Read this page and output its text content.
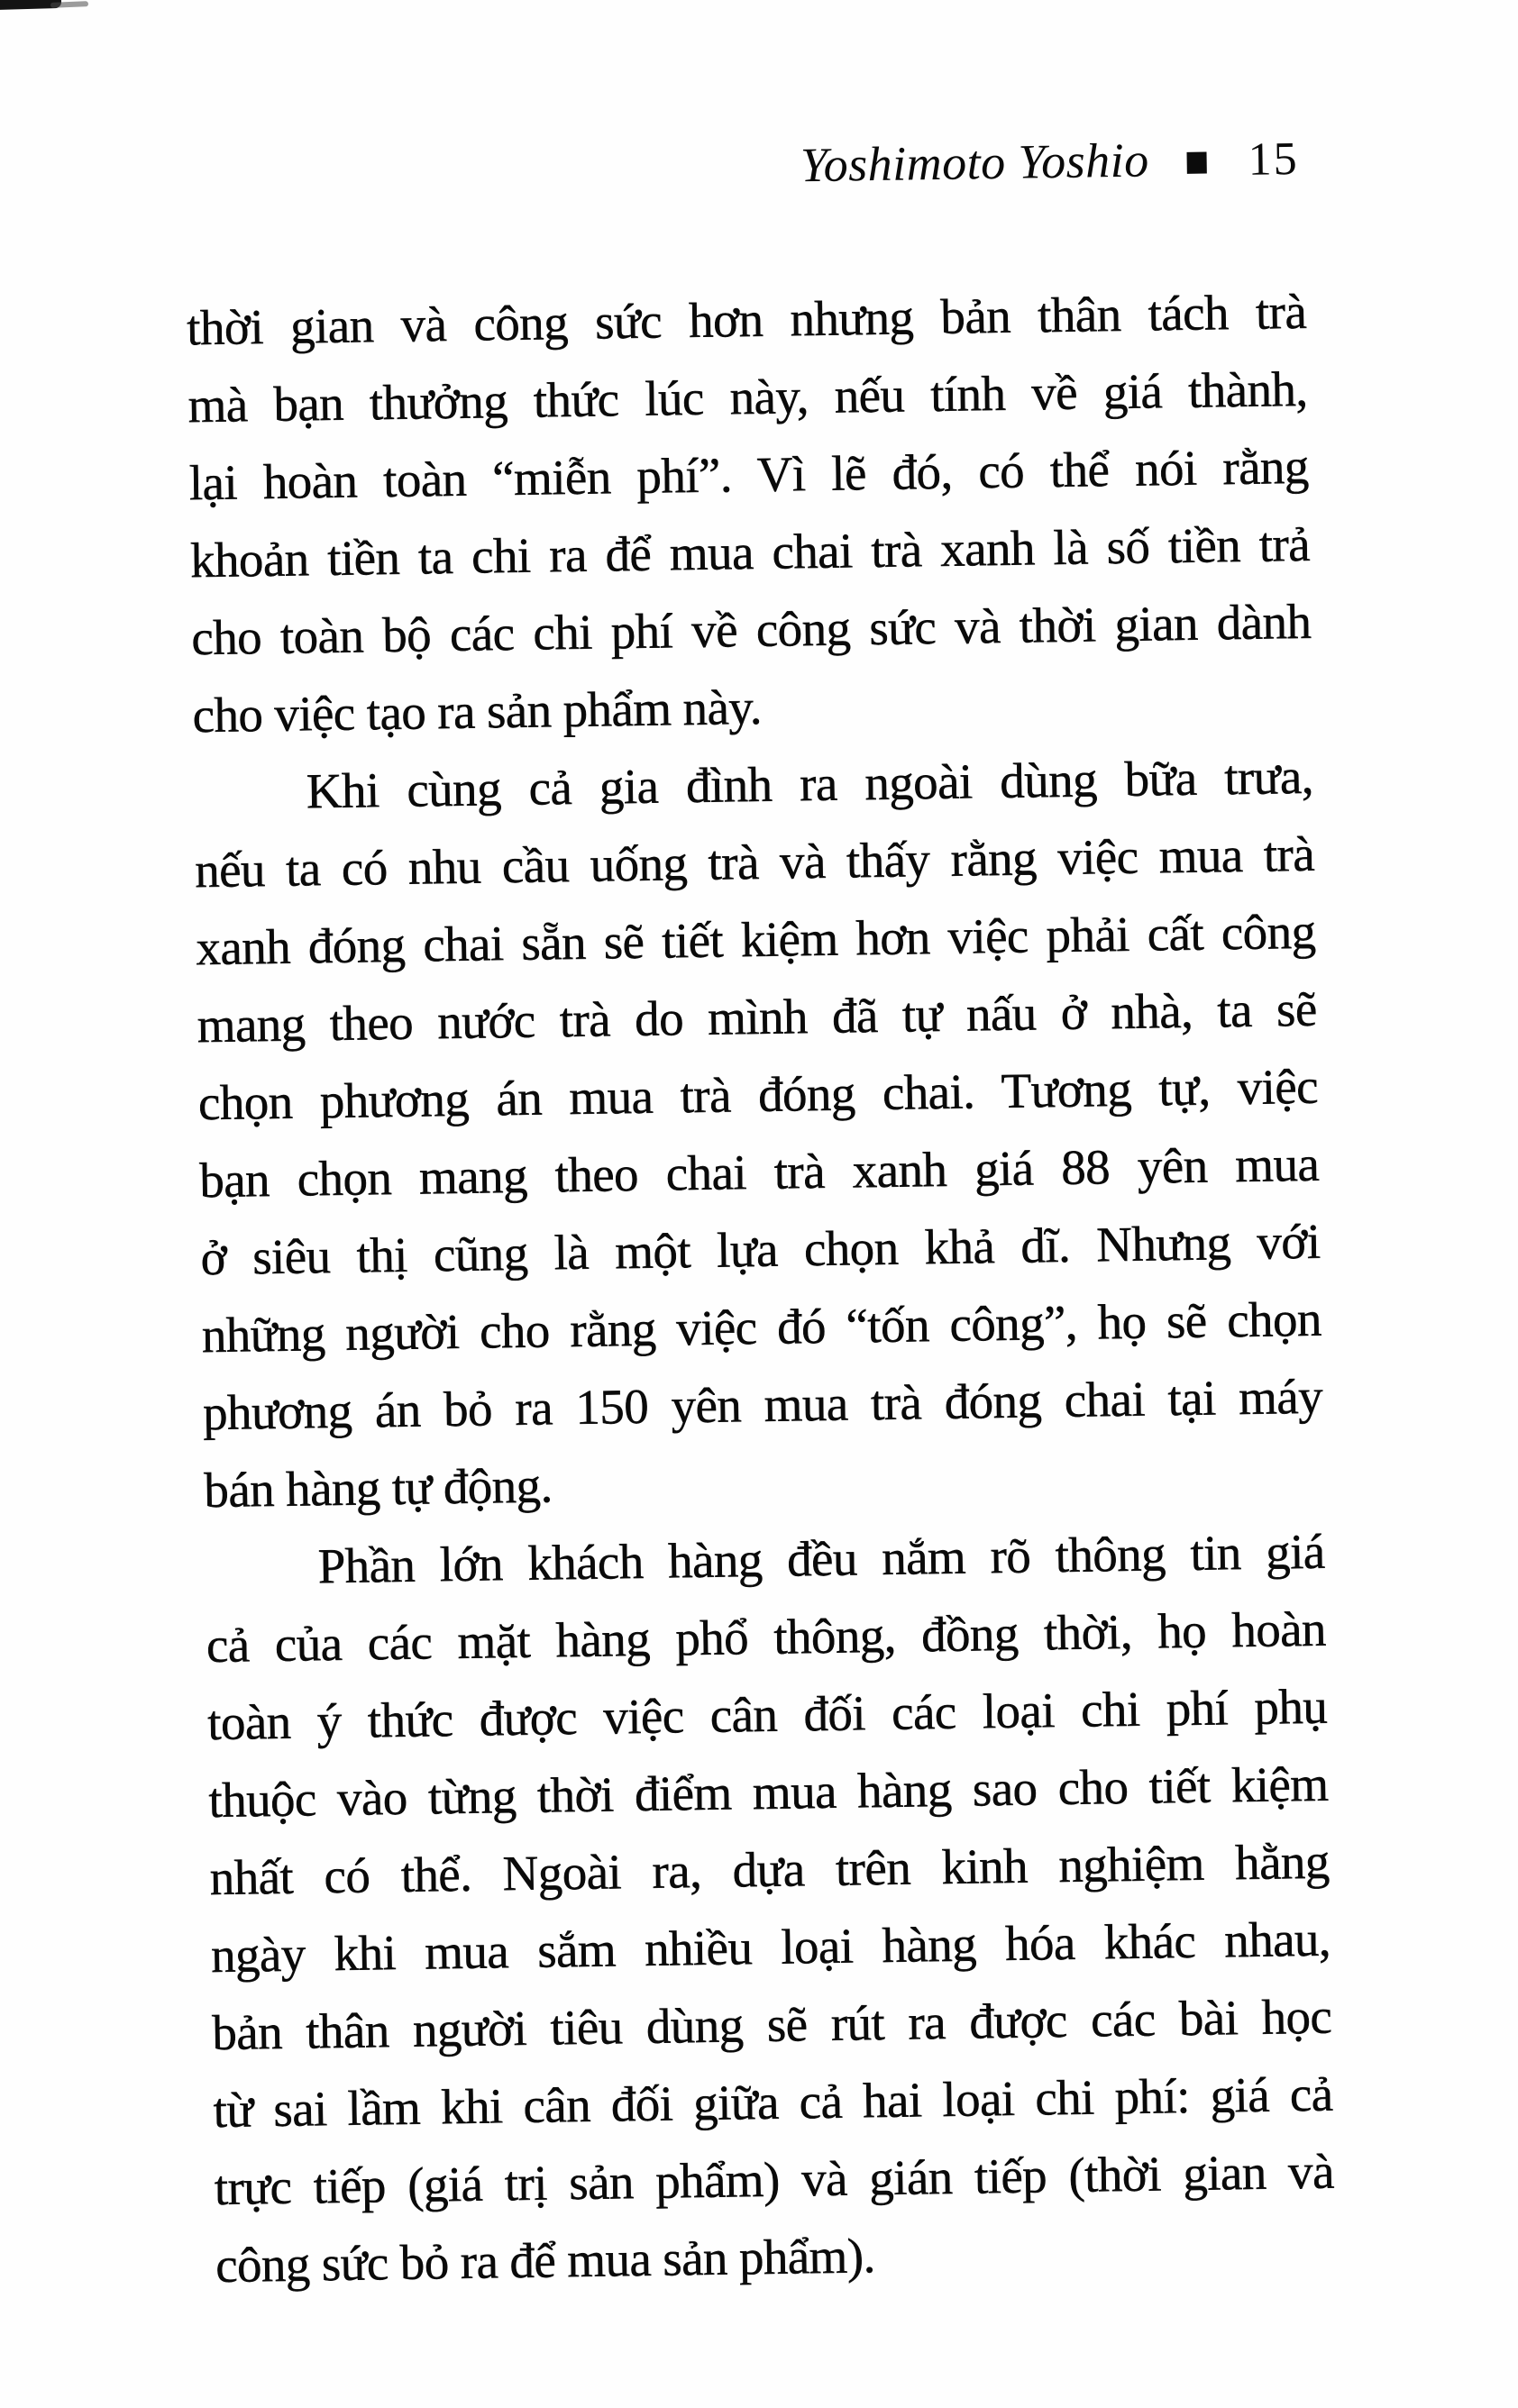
Yoshimoto Yoshio 15
thời gian và công sức hơn nhưng bản thân tách trà
mà bạn thưởng thức lúc này, nếu tính về giá thành,
lại hoàn toàn “miễn phí”. Vì lẽ đó, có thể nói rằng
khoản tiền ta chi ra để mua chai trà xanh là số tiền trả
cho toàn bộ các chi phí về công sức và thời gian dành
cho việc tạo ra sản phẩm này.
Khi cùng cả gia đình ra ngoài dùng bữa trưa,
nếu ta có nhu cầu uống trà và thấy rằng việc mua trà
xanh đóng chai sẵn sẽ tiết kiệm hơn việc phải cất công
mang theo nước trà do mình đã tự nấu ở nhà, ta sẽ
chọn phương án mua trà đóng chai. Tương tự, việc
bạn chọn mang theo chai trà xanh giá 88 yên mua
ở siêu thị cũng là một lựa chọn khả dĩ. Nhưng với
những người cho rằng việc đó “tốn công”, họ sẽ chọn
phương án bỏ ra 150 yên mua trà đóng chai tại máy
bán hàng tự động.
Phần lớn khách hàng đều nắm rõ thông tin giá
cả của các mặt hàng phổ thông, đồng thời, họ hoàn
toàn ý thức được việc cân đối các loại chi phí phụ
thuộc vào từng thời điểm mua hàng sao cho tiết kiệm
nhất có thể. Ngoài ra, dựa trên kinh nghiệm hằng
ngày khi mua sắm nhiều loại hàng hóa khác nhau,
bản thân người tiêu dùng sẽ rút ra được các bài học
từ sai lầm khi cân đối giữa cả hai loại chi phí: giá cả
trực tiếp (giá trị sản phẩm) và gián tiếp (thời gian và
công sức bỏ ra để mua sản phẩm).
